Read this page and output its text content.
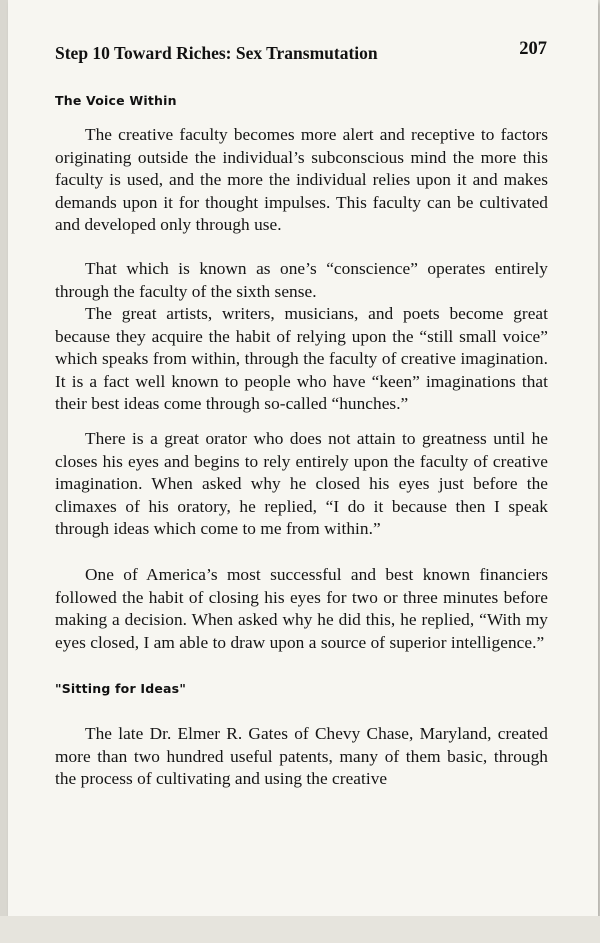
Step 10 Toward Riches: Sex Transmutation	207
The Voice Within

The creative faculty becomes more alert and receptive to factors originating outside the individual’s subconscious mind the more this faculty is used, and the more the individual relies upon it and makes demands upon it for thought impulses. This faculty can be cultivated and developed only through use.

That which is known as one’s “conscience” operates entirely through the faculty of the sixth sense.

The great artists, writers, musicians, and poets become great because they acquire the habit of relying upon the “still small voice” which speaks from within, through the faculty of creative imagination. It is a fact well known to people who have “keen” imaginations that their best ideas come through so-called “hunches.”

There is a great orator who does not attain to greatness until he closes his eyes and begins to rely entirely upon the faculty of creative imagination. When asked why he closed his eyes just before the climaxes of his oratory, he replied, “I do it because then I speak through ideas which come to me from within.”

One of America’s most successful and best known financiers followed the habit of closing his eyes for two or three minutes before making a decision. When asked why he did this, he replied, “With my eyes closed, I am able to draw upon a source of superior intelligence.”

"Sitting for Ideas"

The late Dr. Elmer R. Gates of Chevy Chase, Maryland, created more than two hundred useful patents, many of them basic, through the process of cultivating and using the creative
